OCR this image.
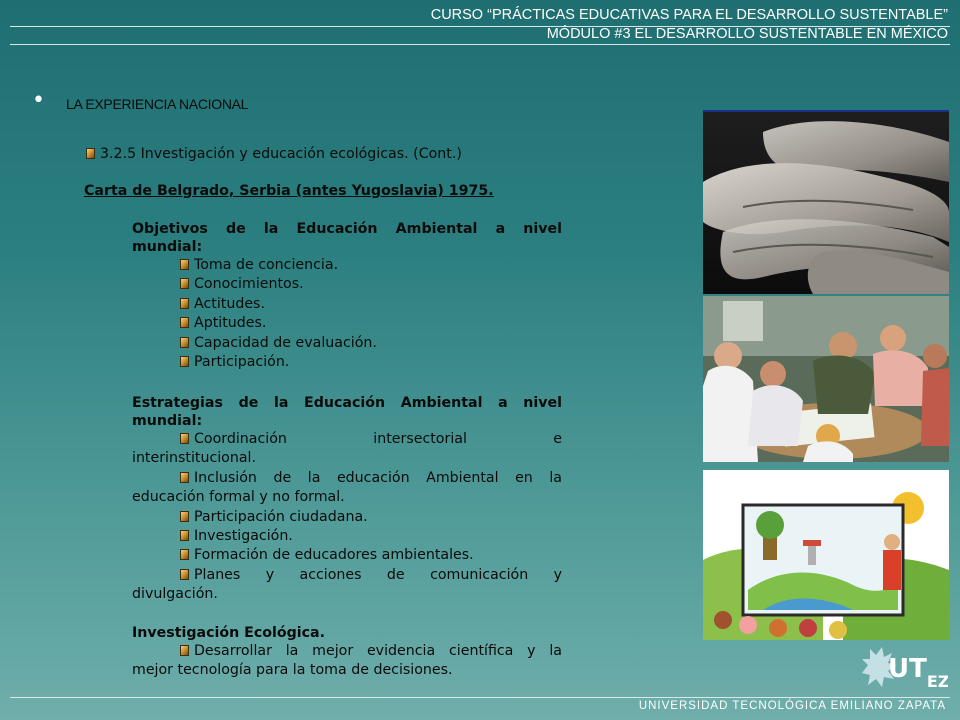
CURSO “PRÁCTICAS EDUCATIVAS PARA EL DESARROLLO SUSTENTABLE”
MÓDULO #3 EL DESARROLLO SUSTENTABLE EN MÉXICO
• LA EXPERIENCIA NACIONAL
3.2.5 Investigación y educación ecológicas. (Cont.)
Carta de Belgrado, Serbia (antes Yugoslavia) 1975.
Objetivos de la Educación Ambiental a nivel
mundial:
Toma de conciencia.
Conocimientos.
Actitudes.
Aptitudes.
Capacidad de evaluación.
Participación.
Estrategias de la Educación Ambiental a nivel
mundial:
Coordinación intersectorial e
interinstitucional.
Inclusión de la educación Ambiental en la
educación formal y no formal.
Participación ciudadana.
Investigación.
Formación de educadores ambientales.
Planes y acciones de comunicación y
divulgación.
Investigación Ecológica.
Desarrollar la mejor evidencia científica y la
mejor tecnología para la toma de decisiones.	$UT_{EZ}$
UNIVERSIDAD TECNOLÓGICA EMILIANO ZAPATA
